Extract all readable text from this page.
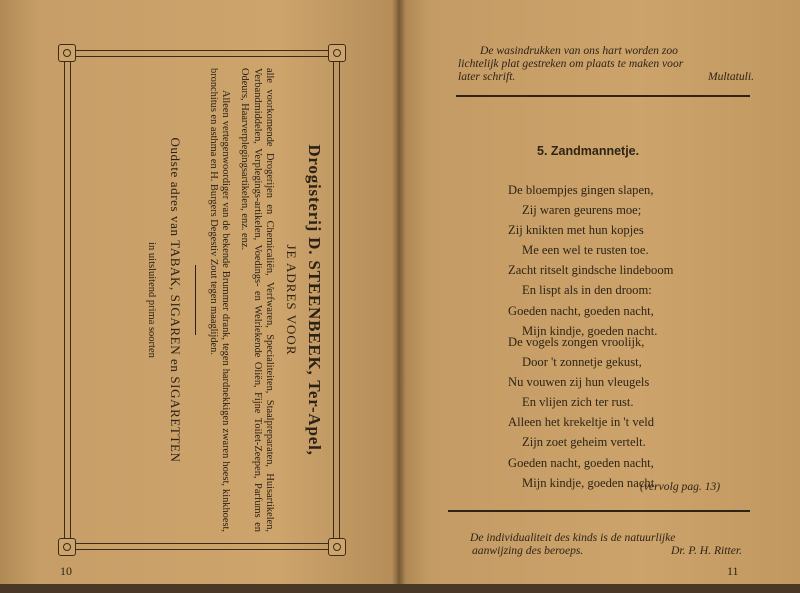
Drogisterij D. STEENBEEK, Ter-Apel,
JE ADRES VOOR
alle voorkomende Drogerijen en Chemicaliën, Verfwaren, Specialiteiten, Staalpreparaten, Huisartikelen, Verbandmiddelen, Verplegings-artikelen, Voedings- en Welriekende Oliën, Fijne Toilet-Zeepen, Parfums en Odeurs, Haarverplegingsartikelen, enz. enz.
Alleen vertegenwoordiger van de bekende Brummer drank, tegen hardnekkigen zwaren hoest, kinkhoest, bronchitus en asthma en H. Burgers Degestiv Zout tegen maaglijden.
Oudste adres van TABAK, SIGAREN en SIGARETTEN
in uitsluitend prima soorten
10
De wasindrukken van ons hart worden zoo
lichtelijk plat gestreken om plaats te maken voor
later schrift.	Multatuli.
5. Zandmannetje.
De bloempjes gingen slapen,
Zij waren geurens moe;
Zij knikten met hun kopjes
Me een wel te rusten toe.
Zacht ritselt gindsche lindeboom
En lispt als in den droom:
Goeden nacht, goeden nacht,
Mijn kindje, goeden nacht.
De vogels zongen vroolijk,
Door 't zonnetje gekust,
Nu vouwen zij hun vleugels
En vlijen zich ter rust.
Alleen het krekeltje in 't veld
Zijn zoet geheim vertelt.
Goeden nacht, goeden nacht,
Mijn kindje, goeden nacht.
(vervolg pag. 13)
De individualiteit des kinds is de natuurlijke
aanwijzing des beroeps.	Dr. P. H. Ritter.
11
